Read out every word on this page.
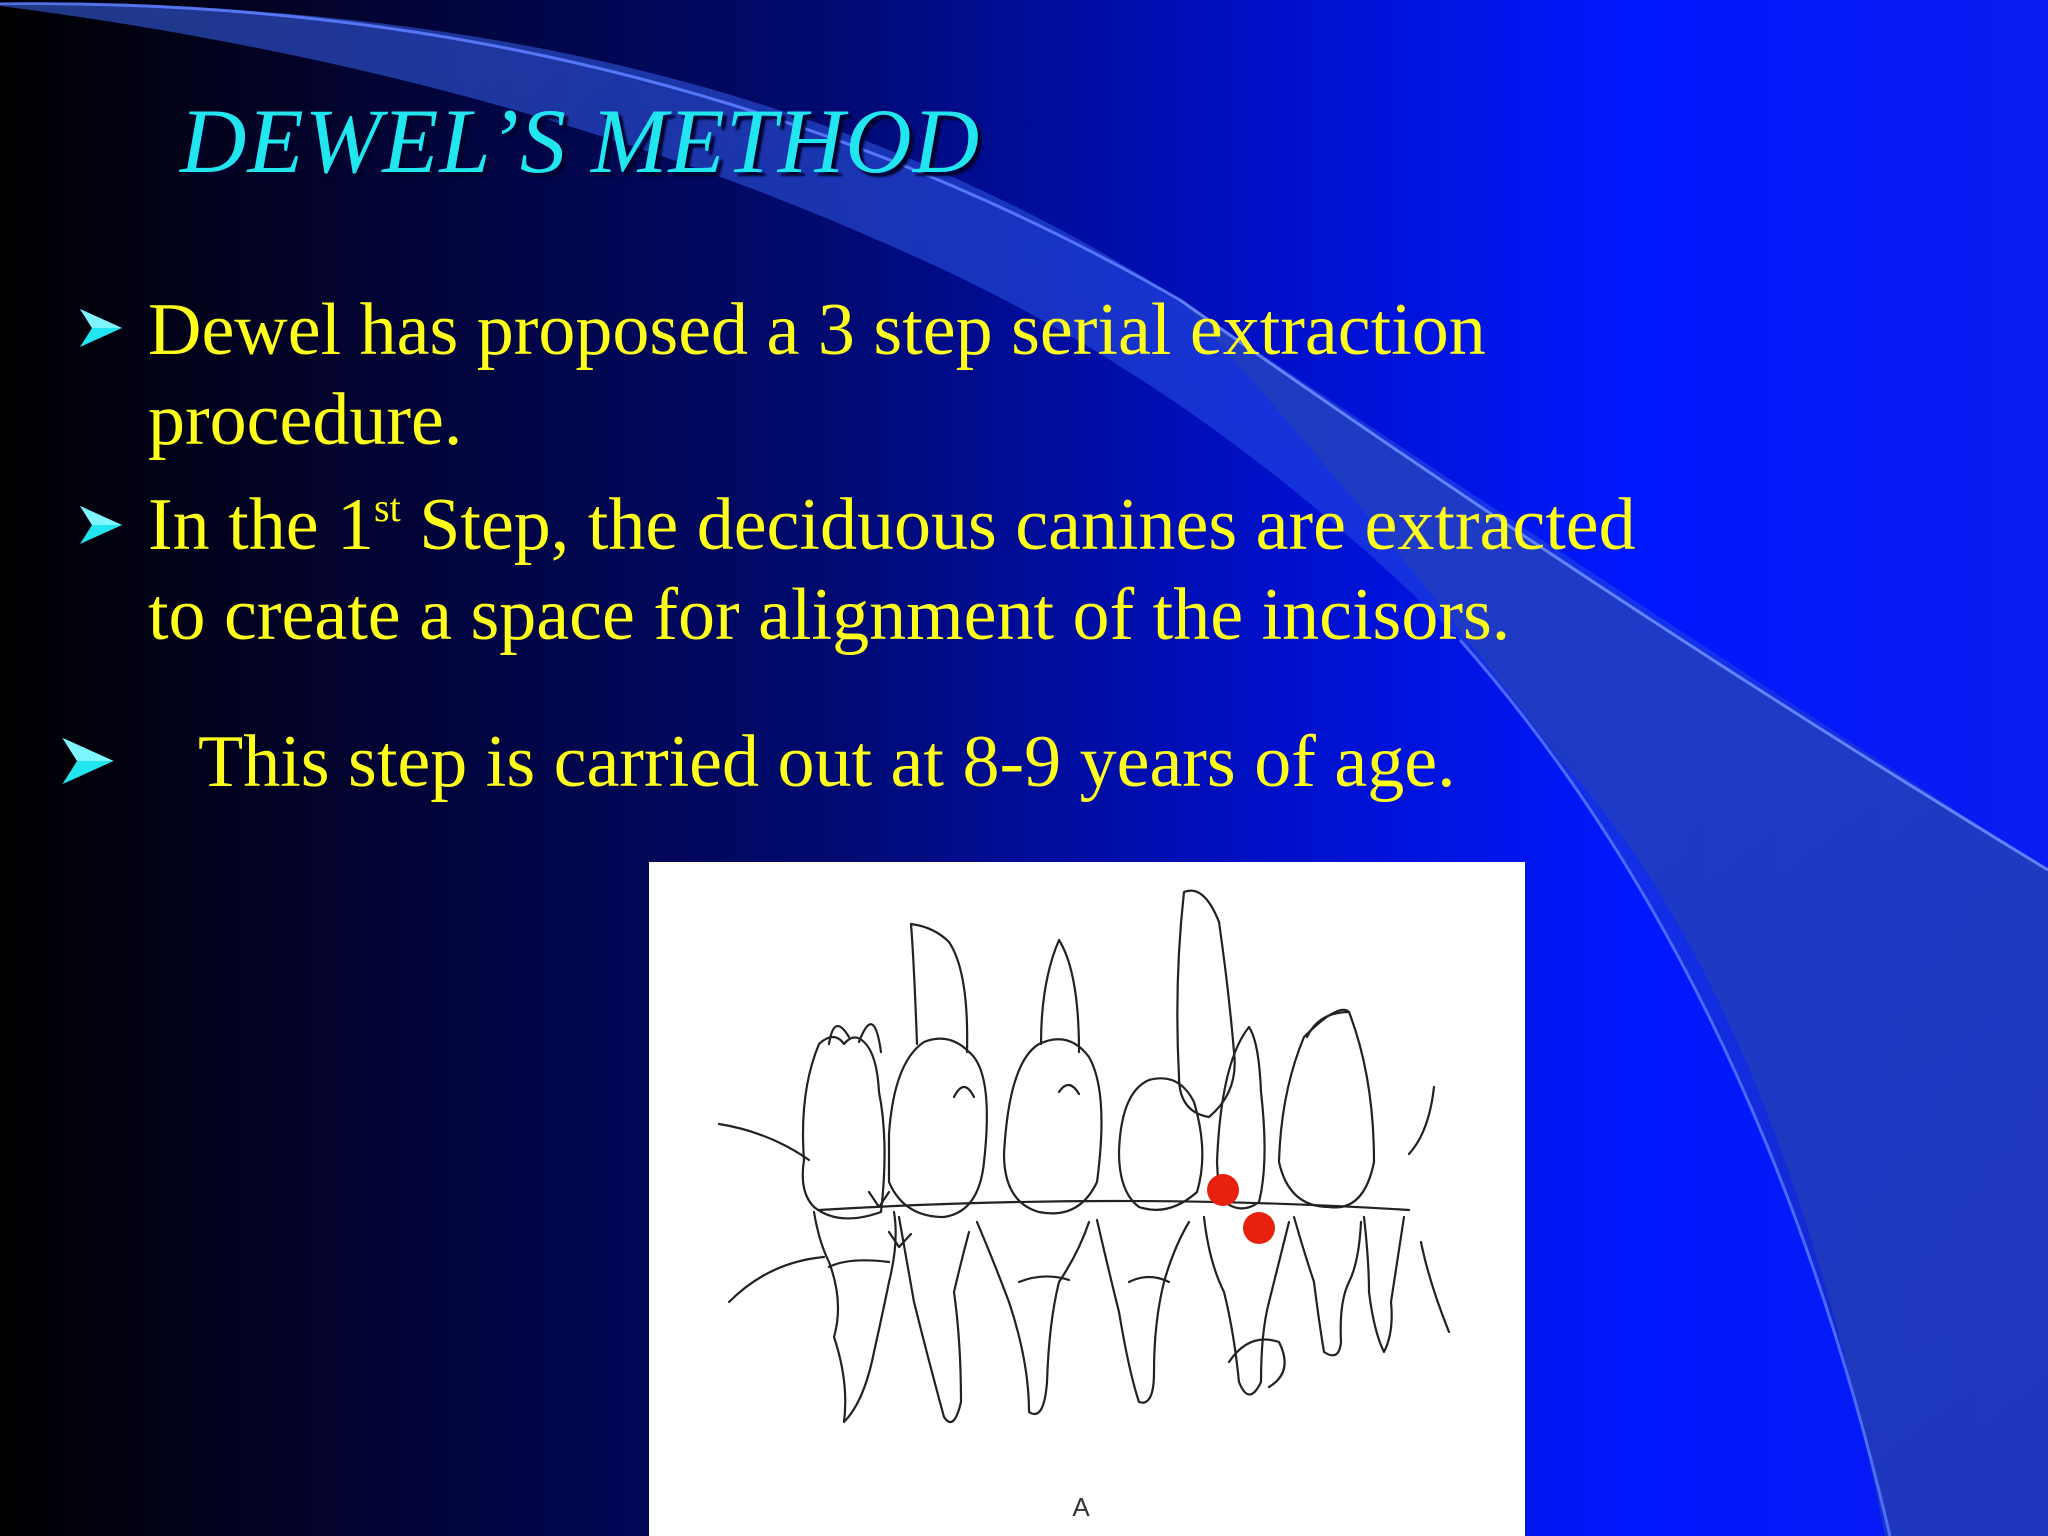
DEWEL’S METHOD
Dewel has proposed a 3 step serial extraction
procedure.
In the 1st Step, the deciduous canines are extracted
to create a space for alignment of the incisors.
This step is carried out at 8-9 years of age.
A
